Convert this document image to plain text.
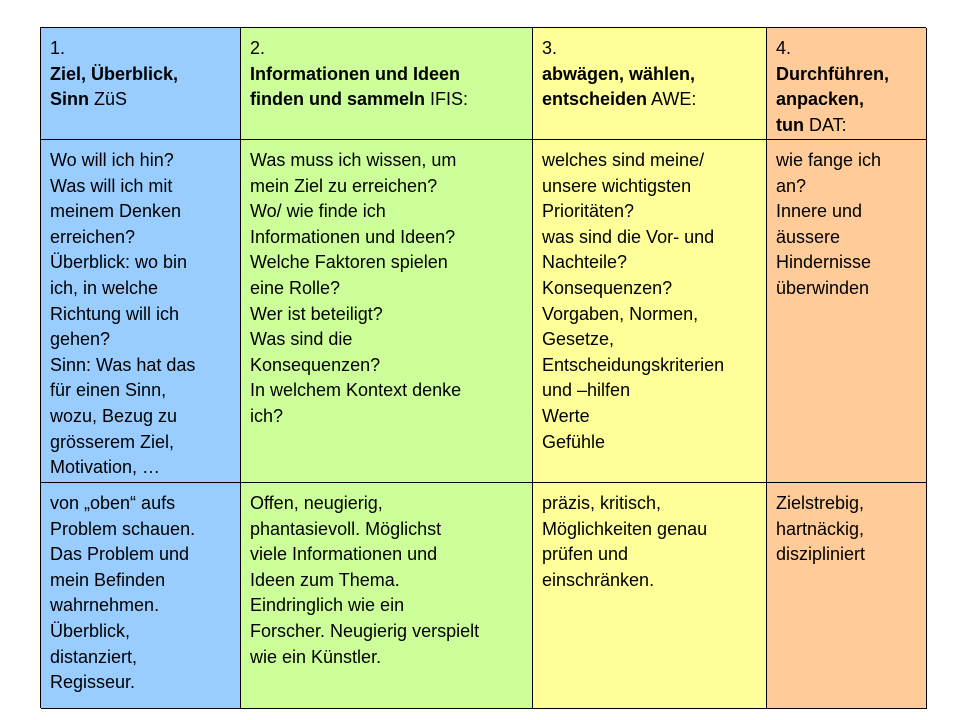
1.
Ziel, Überblick,
Sinn ZüS
2.
Informationen und Ideen
finden und sammeln IFIS:
3.
abwägen, wählen,
entscheiden AWE:
4.
Durchführen,
anpacken,
tun DAT:
Wo will ich hin?
Was will ich mit
meinem Denken
erreichen?
Überblick: wo bin
ich, in welche
Richtung will ich
gehen?
Sinn: Was hat das
für einen Sinn,
wozu, Bezug zu
grösserem Ziel,
Motivation, …
Was muss ich wissen, um
mein Ziel zu erreichen?
Wo/ wie finde ich
Informationen und Ideen?
Welche Faktoren spielen
eine Rolle?
Wer ist beteiligt?
Was sind die
Konsequenzen?
In welchem Kontext denke
ich?
welches sind meine/
unsere wichtigsten
Prioritäten?
was sind die Vor- und
Nachteile?
Konsequenzen?
Vorgaben, Normen,
Gesetze,
Entscheidungskriterien
und –hilfen
Werte
Gefühle
wie fange ich
an?
Innere und
äussere
Hindernisse
überwinden
von „oben“ aufs
Problem schauen.
Das Problem und
mein Befinden
wahrnehmen.
Überblick,
distanziert,
Regisseur.
Offen, neugierig,
phantasievoll. Möglichst
viele Informationen und
Ideen zum Thema.
Eindringlich wie ein
Forscher. Neugierig verspielt
wie ein Künstler.
präzis, kritisch,
Möglichkeiten genau
prüfen und
einschränken.
Zielstrebig,
hartnäckig,
diszipliniert
